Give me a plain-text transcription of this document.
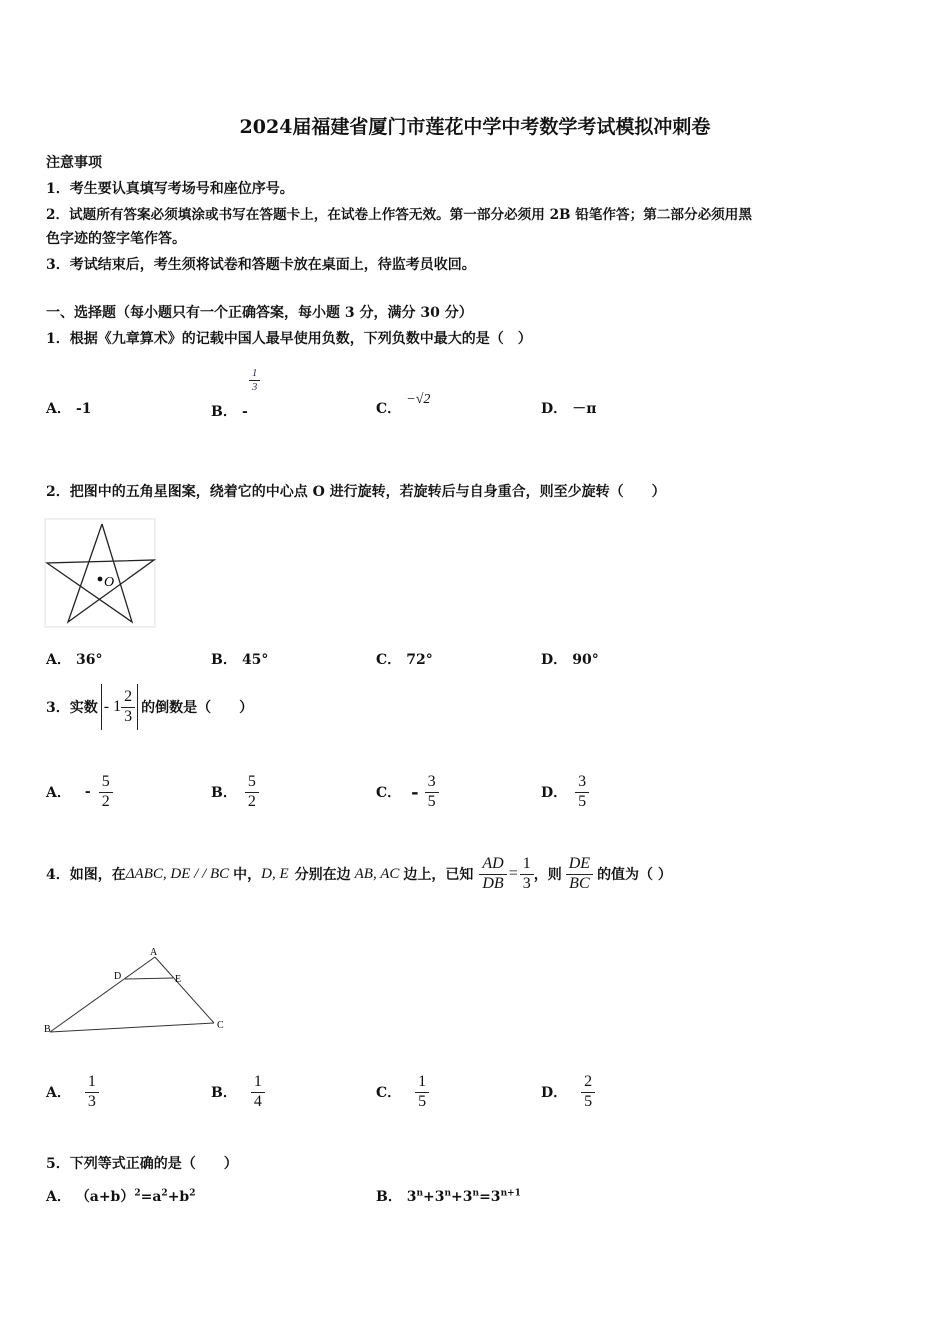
2024届福建省厦门市莲花中学中考数学考试模拟冲刺卷
注意事项
1．考生要认真填写考场号和座位序号。
2．试题所有答案必须填涂或书写在答题卡上，在试卷上作答无效。第一部分必须用 2B 铅笔作答；第二部分必须用黑
色字迹的签字笔作答。
3．考试结束后，考生须将试卷和答题卡放在桌面上，待监考员收回。
一、选择题（每小题只有一个正确答案，每小题 3 分，满分 30 分）
1．根据《九章算术》的记载中国人最早使用负数，下列负数中最大的是（　）
A． -1	B． -
$\frac{1}{3}$
C． −√2
D． －π
2．把图中的五角星图案，绕着它的中心点 O 进行旋转，若旋转后与自身重合，则至少旋转（　　）
O
A． 36°	B． 45°	C． 72°	D． 90°
3．实数 - $1 \frac{2}{3}$ 的倒数是（　　）
A． - $\frac{5}{2}$	B． $\frac{5}{2}$	C． - $\frac{3}{5}$	D． $\frac{3}{5}$
4．如图，在 ΔABC, DE / / BC 中， D, E 分别在边 AB, AC 边上，已知 $\frac{AD}{DB} = \frac{1}{3}$ ，则 $\frac{DE}{BC}$ 的值为（ ）
A
B	C
D	E
A． $\frac{1}{3}$	B． $\frac{1}{4}$	C． $\frac{1}{5}$	D． $\frac{2}{5}$
5．下列等式正确的是（　　）
A． $(a+b)^2=a^2+b^2$	B． $3^n+3^n+3^n=3^{n+1}$
